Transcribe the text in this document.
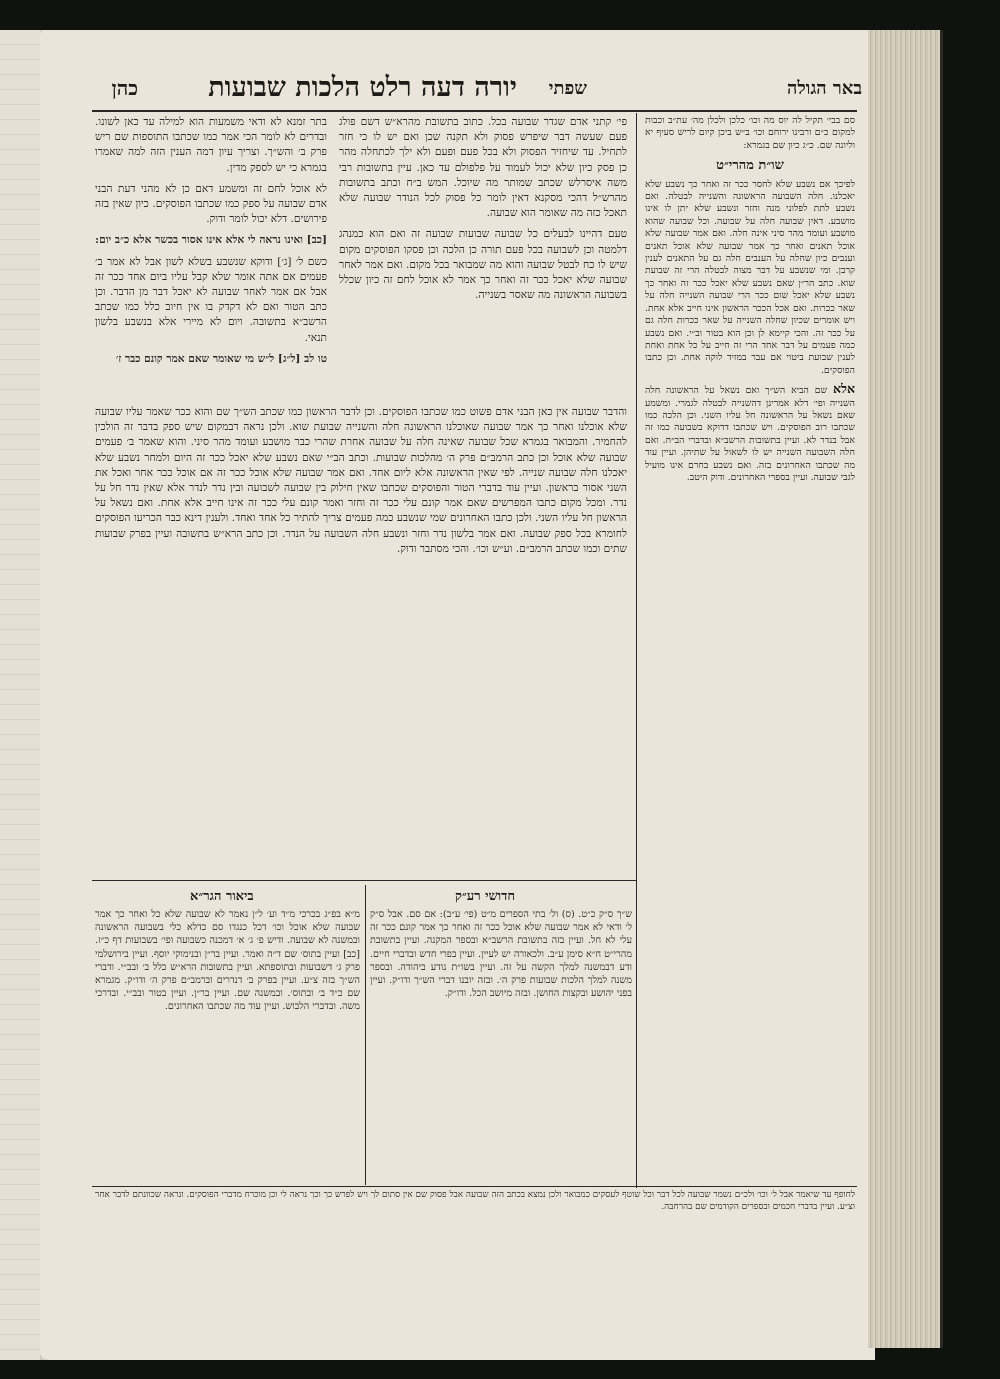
באר הגולה
שפתי
יורה דעה רלט הלכות שבועות
כהן

פי׳ קתני אדם שגדר שבועה בכל. כתוב בתשובת מהרא״ש דשם פולג פעם שעשה דבר שיפרש פסוק ולא תקנה שכן ואם יש לו כי חזר לתחיל. עד שיחזיר הפסוק ולא בכל פעם ופעם ולא ילך לכתחלה מהר כן פסק כיון שלא יכול לעמוד על פלפולם עד כאן. עיין בתשובות רבי משה איסרלש שכתב שמותר מה שיוכל. המש ב״ח וכתב בתשובות מהרש״ל דהכי מסקנא דאין לומר כל פסוק לכל הנודר שבועה שלא תאכל כזה מה שאומר הוא שבועה.

טעם דהיינו לבעלים כל שבועה שבועות שבועה זה ואם הוא כמנהג דלמטה וכן לשבועה בכל פעם תורה כן הלכה וכן פסקו הפוסקים מקום שיש לו כח לבטל שבועה והוא מה שמבואר בכל מקום. ואם אמר לאחר שבועה שלא יאכל ככר זה ואחר כך אמר לא אוכל לחם זה כיון שכלל בשבועה הראשונה מה שאסר בשנייה.

בתר זמנא לא ודאי משמעות הוא למילה עד כאן לשונו. ובדרים לא לומר הכי אמר כמו שכתבו התוספות שם ריש פרק ב׳ והש״ך. וצריך עיון דמה הענין הזה למה שאמרו בגמרא כי יש לספק מדין.

לא אוכל לחם זה ומשמע דאם כן לא מהני דעת הבני אדם שבועה על ספק כמו שכתבו הפוסקים. כיון שאין בזה פירושים. דלא יכול לומר ודוק.

[כב] ואינו נראה לי אלא אינו אסור בכשר אלא כ״ב יום:

כשם ל׳ [ג׳] ודוקא שנשבע בשלא לשון אבל לא אמר ב׳ פעמים אם אתה אומר שלא קבל עליו ביום אחד ככר זה אבל אם אמר לאחר שבועה לא יאכל דבר מן הדבר. וכן כתב הטור ואם לא דקדק בו אין חיוב כלל כמו שכתב הרשב״א בתשובה. ויום לא מיירי אלא בנשבע בלשון תנאי.

טו לב [ל״ג] ל״ש מי שאומר שאם אמר קונם כבר ז׳

והדבר שבועה אין כאן הבני אדם פשוט כמו שכתבו הפוסקים. וכן לדבר הראשון כמו שכתב הש״ך שם והוא ככר שאמר עליו שבועה שלא אוכלנו ואחר כך אמר שבועה שאוכלנו הראשונה חלה והשנייה שבועת שוא. ולכן נראה דבמקום שיש ספק בדבר זה הולכין להחמיר. והמבואר בגמרא שכל שבועה שאינה חלה על שבועה אחרת שהרי כבר מושבע ועומד מהר סיני. והוא שאמר ב׳ פעמים שבועה שלא אוכל וכן כתב הרמב״ם פרק ה׳ מהלכות שבועות. וכתב הב״י שאם נשבע שלא יאכל ככר זה היום ולמחר נשבע שלא יאכלנו חלה שבועה שנייה. לפי שאין הראשונה אלא ליום אחד. ואם אמר שבועה שלא אוכל ככר זה אם אוכל ככר אחר ואכל את השני אסור בראשון. ועיין עוד בדברי הטור והפוסקים שכתבו שאין חילוק בין שבועה לשבועה ובין נדר לנדר אלא שאין נדר חל על נדר. ומכל מקום כתבו המפרשים שאם אמר קונם עלי ככר זה וחזר ואמר קונם עלי ככר זה אינו חייב אלא אחת. ואם נשאל על הראשון חל עליו השני. ולכן כתבו האחרונים שמי שנשבע כמה פעמים צריך להתיר כל אחד ואחד. ולענין דינא כבר הכריעו הפוסקים לחומרא בכל ספק שבועה. ואם אמר בלשון נדר וחזר ונשבע חלה השבועה על הנדר. וכן כתב הרא״ש בתשובה ועיין בפרק שבועות שתים וכמו שכתב הרמב״ם. וע״ש וכו׳. והכי מסתבר ודוק.

סם בבי׳ תקיל לה יוס מה וכו׳ כלכן ולכלן מה׳ עת״ב וכבות למקום כ״ם ורבינו ירוחם וכו׳ ב״ש ביכן קיום לריש סעיף יא וליונה שם. כ״ג כיון שם בגמרא:

שו״ת מהרי״ט

לפיכך אם נשבע שלא לחסר ככר זה ואחר כך נשבע שלא יאכלנו. חלה השבועה הראשונה והשנייה לבטלה. ואם נשבע לתת לפלוני מנה וחזר ונשבע שלא יתן לו אינו מושבע. דאין שבועה חלה על שבועה. וכל שבועה שהוא מושבע ועומד מהר סיני אינה חלה. ואם אמר שבועה שלא אוכל תאנים ואחר כך אמר שבועה שלא אוכל תאנים וענבים כיון שחלה על הענבים חלה גם על התאנים לענין קרבן. ומי שנשבע על דבר מצוה לבטלה הרי זה שבועת שוא. כתב הר״ן שאם נשבע שלא יאכל ככר זה ואחר כך נשבע שלא יאכל שום ככר הרי שבועה השנייה חלה על שאר ככרות. ואם אכל הככר הראשון אינו חייב אלא אחת. ויש אומרים שכיון שחלה השנייה על שאר ככרות חלה גם על ככר זה. והכי קיימא לן וכן הוא בטור וב״י. ואם נשבע כמה פעמים על דבר אחד הרי זה חייב על כל אחת ואחת לענין שבועת ביטוי אם עבר במזיד לוקה אחת. וכן כתבו הפוסקים.

אלא שם הביא הש״ך ואם נשאל על הראשונה חלה השנייה ופי׳ דלא אמרינן דהשנייה לבטלה לגמרי. ומשמע שאם נשאל על הראשונה חל עליו השני. וכן הלכה כמו שכתבו רוב הפוסקים. ויש שכתבו דדוקא בשבועה כמו זה אבל בנדר לא. ועיין בתשובות הרשב״א ובדברי הב״ח. ואם חלה השבועה השנייה יש לו לשאול על שתיהן. ועיין עוד מה שכתבו האחרונים בזה. ואם נשבע בחרם אינו מועיל לגבי שבועה. ועיין בספרי האחרונים. ודוק היטב.

ביאור הגר״א	חדושי רע״ק

ש״ך ס״ק כ״ט. (ס) ול׳ בתי הספרים מ״ט (פי׳ ע״ב): אם סם. אבל ס״ק ל׳ ודאי לא אמר שבועה שלא אוכל ככר זה ואחר כך אמר קונם ככר זה עלי לא חל. ועיין בזה בתשובת הרשב״א ובספר המקנה. ועיין בתשובת מהרי״ט ח״א סימן ע״ב. ולכאורה יש לעיין. ועיין בפרי חדש ובדברי חיים. ודע דבמשנה למלך הקשה על זה. ועיין בשו״ת נודע ביהודה. ובספר משנה למלך הלכות שבועות פרק ה׳. ובזה יובנו דברי הש״ך ודו״ק. ועיין בפני יהושע ובקצות החושן. ובזה מיושב הכל. ודו״ק.

מ״א בפ״ג בכרכי מ״ד וע׳ ל״ן נאמר לא שבועה שלא כל ואחר כך אמר שבועה שלא אוכל וכו׳ דכל כנגדו סם כדלא כלי בשבועה הראשונה ובמשנה לא שבועה. ודיש פ׳ ג׳ א׳ דמכנה כשבועה ופי׳ בשבועות דף כ״ז. [כב] ועיין בתוס׳ שם ד״ה ואמר. ועיין בר״ן ובנימוקי יוסף. ועיין בירושלמי פרק ג׳ דשבועות ובתוספתא. ועיין בתשובות הרא״ש כלל ב׳ ובב״י. ודברי הש״ך בזה צ״ע. ועיין בפרק ב׳ דנדרים וברמב״ם פרק ה׳ ודו״ק. מגמרא שם כ״ד ב׳ ובתוס׳. ובמשנה שם. ועיין בר״ן. ועיין בטור ובב״י. ובדרכי משה. ובדברי הלבוש. ועיין עוד מה שכתבו האחרונים.

לחופף עד שיאמר אבל ל׳ וכו׳ ולכ״ם נשמר שבועה לכל דבר וכל שוטף לעסקים כמבואר ולכן נמצא בכתב הזה שבועה אבל פסוק שם אין סתום לך ויש לפרש כך וכך נראה לי וכן מוכרח מדברי הפוסקים. ונראה שכוונתם לדבר אחר וצ״ע. ועיין בדברי חכמים ובספרים הקודמים שם בהרחבה.
